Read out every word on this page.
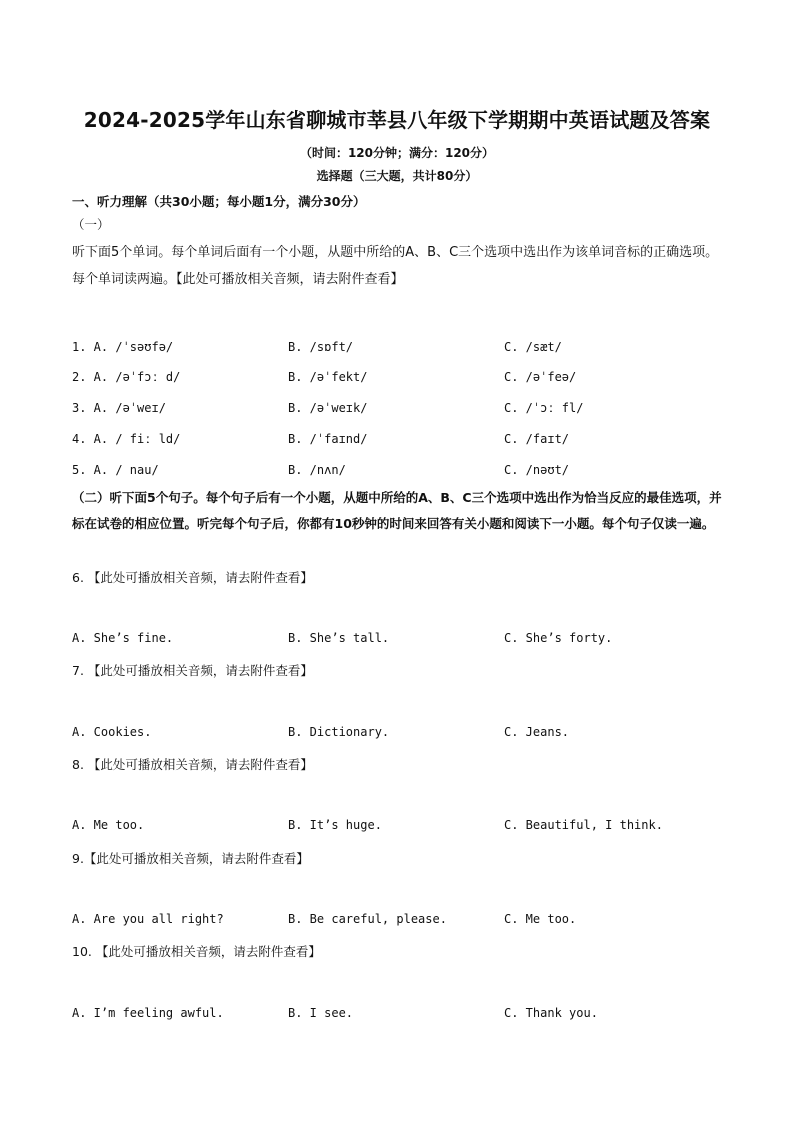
2024-2025学年山东省聊城市莘县八年级下学期期中英语试题及答案
（时间：120分钟；满分：120分）
选择题（三大题，共计80分）
一、听力理解（共30小题；每小题1分，满分30分）
（一）
听下面5个单词。每个单词后面有一个小题，从题中所给的A、B、C三个选项中选出作为该单词音标的正确选项。每个单词读两遍。【此处可播放相关音频，请去附件查看】
1. A. /ˈsəʊfə/	B. /sɒft/	C. /sæt/
2. A. /əˈfɔː d/	B. /əˈfekt/	C. /əˈfeə/
3. A. /əˈweɪ/	B. /əˈweɪk/	C. /ˈɔː fl/
4. A. / fiː ld/	B. /ˈfaɪnd/	C. /faɪt/
5. A. / nau/	B. /nʌn/	C. /nəʊt/
（二）听下面5个句子。每个句子后有一个小题，从题中所给的A、B、C三个选项中选出作为恰当反应的最佳选项，并标在试卷的相应位置。听完每个句子后，你都有10秒钟的时间来回答有关小题和阅读下一小题。每个句子仅读一遍。
6. 【此处可播放相关音频，请去附件查看】
A. She’s fine.	B. She’s tall.	C. She’s forty.
7. 【此处可播放相关音频，请去附件查看】
A. Cookies.	B. Dictionary.	C. Jeans.
8. 【此处可播放相关音频，请去附件查看】
A. Me too.	B. It’s huge.	C. Beautiful, I think.
9.【此处可播放相关音频，请去附件查看】
A. Are you all right?	B. Be careful, please.	C. Me too.
10. 【此处可播放相关音频，请去附件查看】
A. I’m feeling awful.	B. I see.	C. Thank you.
